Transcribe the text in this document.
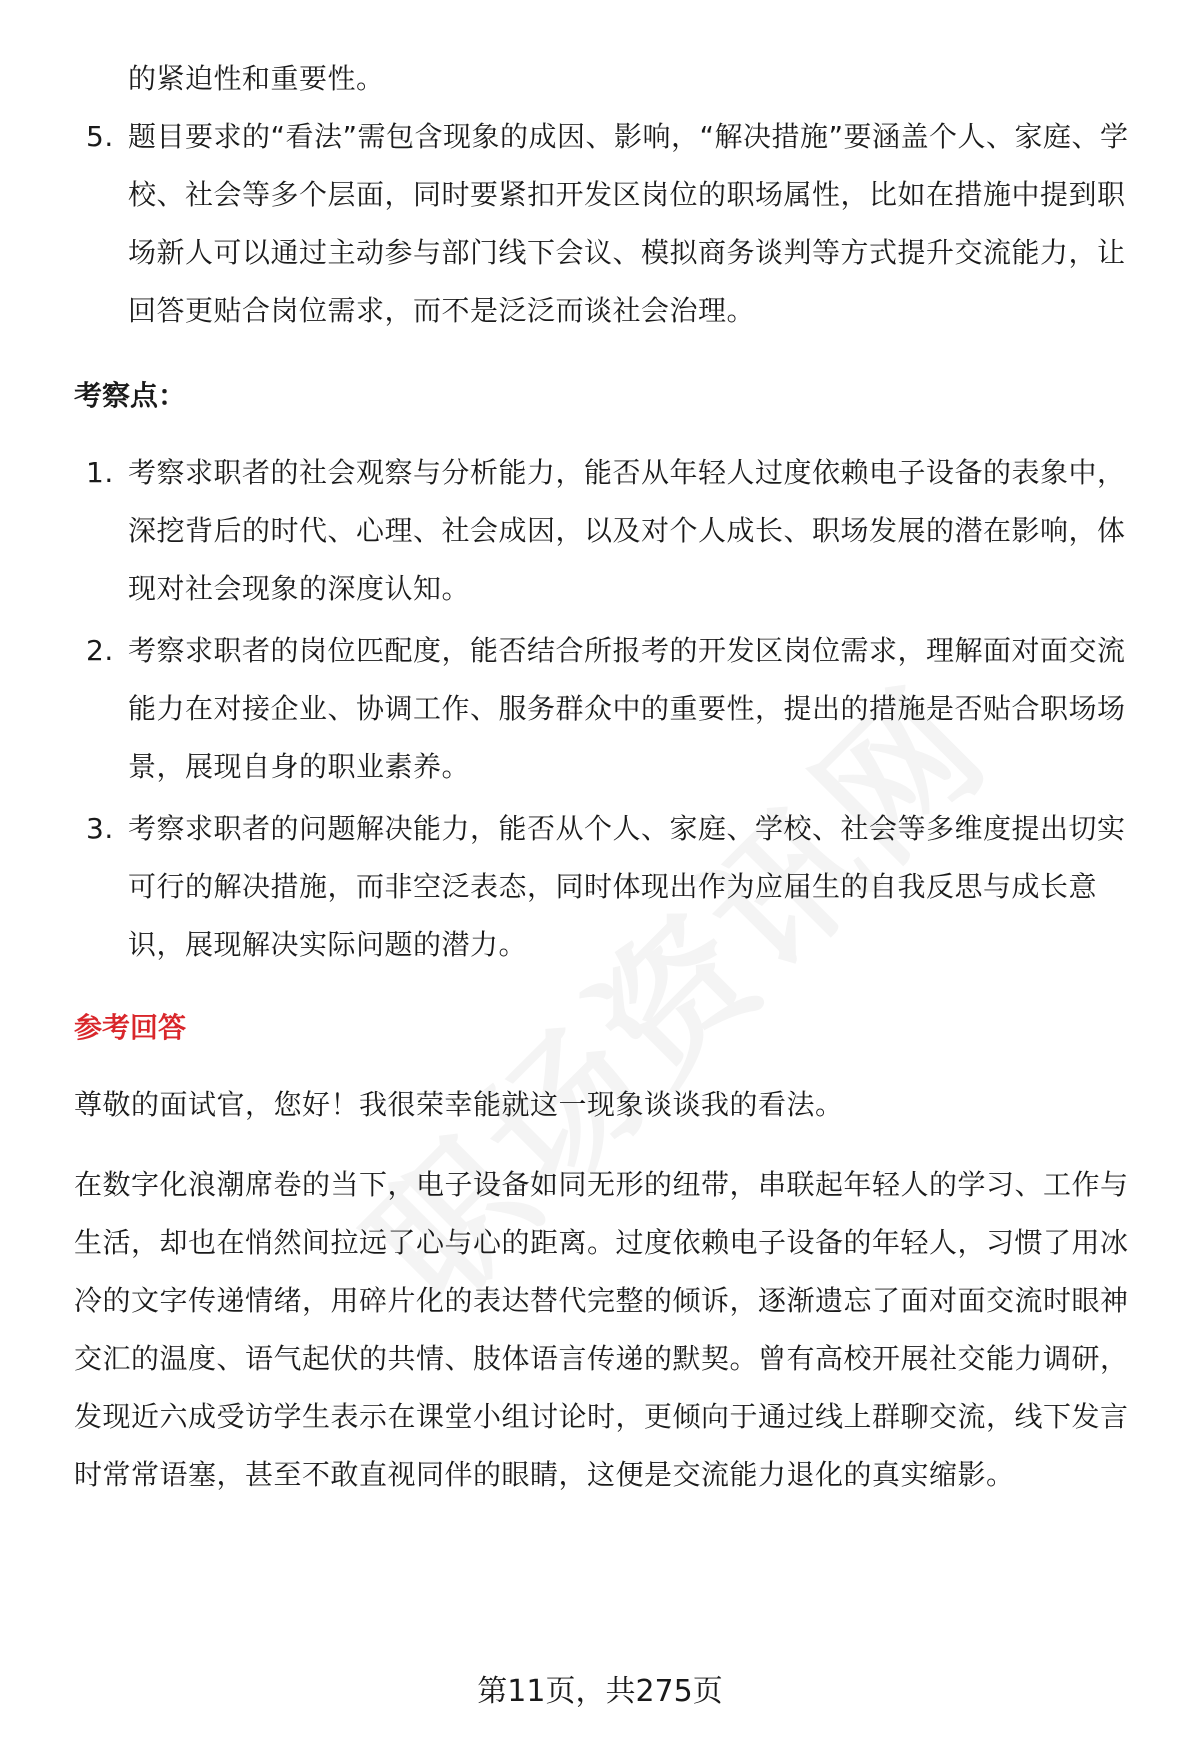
的紧迫性和重要性。

5. 题目要求的“看法”需包含现象的成因、影响，“解决措施”要涵盖个人、家庭、学校、社会等多个层面，同时要紧扣开发区岗位的职场属性，比如在措施中提到职场新人可以通过主动参与部门线下会议、模拟商务谈判等方式提升交流能力，让回答更贴合岗位需求，而不是泛泛而谈社会治理。
考察点：
1. 考察求职者的社会观察与分析能力，能否从年轻人过度依赖电子设备的表象中，深挖背后的时代、心理、社会成因，以及对个人成长、职场发展的潜在影响，体现对社会现象的深度认知。
2. 考察求职者的岗位匹配度，能否结合所报考的开发区岗位需求，理解面对面交流能力在对接企业、协调工作、服务群众中的重要性，提出的措施是否贴合职场场景，展现自身的职业素养。
3. 考察求职者的问题解决能力，能否从个人、家庭、学校、社会等多维度提出切实可行的解决措施，而非空泛表态，同时体现出作为应届生的自我反思与成长意识，展现解决实际问题的潜力。
参考回答

尊敬的面试官，您好！我很荣幸能就这一现象谈谈我的看法。

在数字化浪潮席卷的当下，电子设备如同无形的纽带，串联起年轻人的学习、工作与生活，却也在悄然间拉远了心与心的距离。过度依赖电子设备的年轻人，习惯了用冰冷的文字传递情绪，用碎片化的表达替代完整的倾诉，逐渐遗忘了面对面交流时眼神交汇的温度、语气起伏的共情、肢体语言传递的默契。曾有高校开展社交能力调研，发现近六成受访学生表示在课堂小组讨论时，更倾向于通过线上群聊交流，线下发言时常常语塞，甚至不敢直视同伴的眼睛，这便是交流能力退化的真实缩影。

第11页，共275页
